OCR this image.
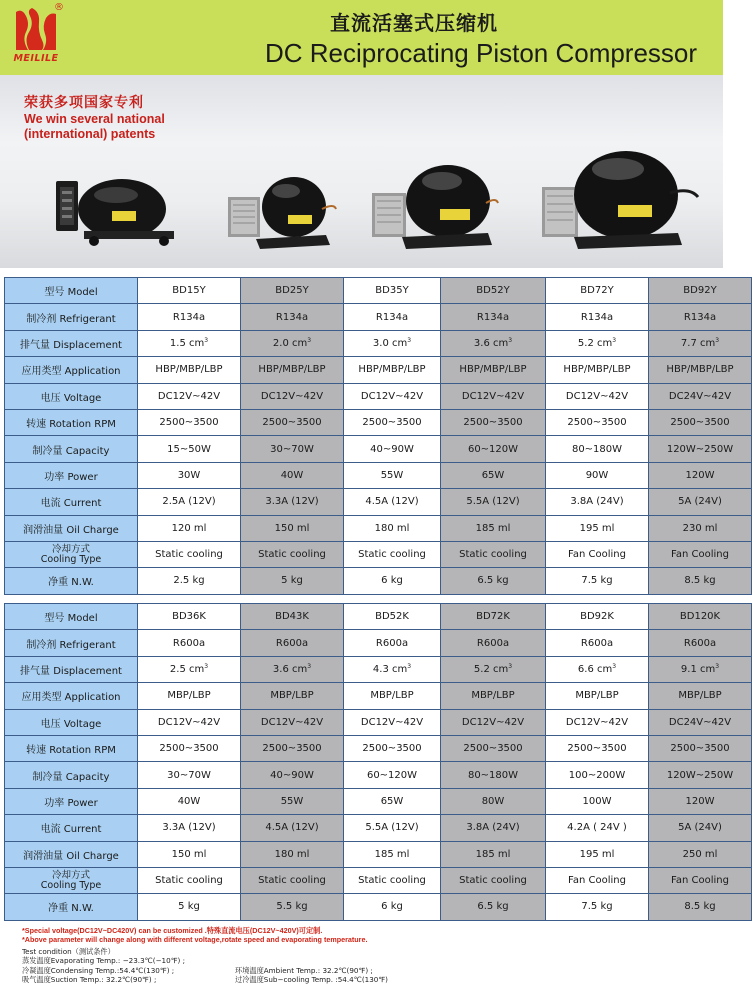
®
MEILILE
直流活塞式压缩机
DC Reciprocating Piston Compressor
荣获多项国家专利
We win several national
(international) patents
型号 Model	BD15Y	BD25Y	BD35Y	BD52Y	BD72Y	BD92Y
制冷剂 Refrigerant	R134a	R134a	R134a	R134a	R134a	R134a
排气量 Displacement	1.5 $cm^3$	2.0 $cm^3$	3.0 $cm^3$	3.6 $cm^3$	5.2 $cm^3$	7.7 $cm^3$
应用类型 Application	HBP/MBP/LBP	HBP/MBP/LBP	HBP/MBP/LBP	HBP/MBP/LBP	HBP/MBP/LBP	HBP/MBP/LBP
电压 Voltage	DC12V~42V	DC12V~42V	DC12V~42V	DC12V~42V	DC12V~42V	DC24V~42V
转速 Rotation RPM	2500~3500	2500~3500	2500~3500	2500~3500	2500~3500	2500~3500
制冷量 Capacity	15~50W	30~70W	40~90W	60~120W	80~180W	120W~250W
功率 Power	30W	40W	55W	65W	90W	120W
电流 Current	2.5A (12V)	3.3A (12V)	4.5A (12V)	5.5A (12V)	3.8A (24V)	5A (24V)
润滑油量 Oil Charge	120 ml	150 ml	180 ml	185 ml	195 ml	230 ml

冷却方式
Cooling Type	Static cooling	Static cooling	Static cooling	Static cooling	Fan Cooling	Fan Cooling
净重 N.W.	2.5 kg	5 kg	6 kg	6.5 kg	7.5 kg	8.5 kg
型号 Model	BD36K	BD43K	BD52K	BD72K	BD92K	BD120K
制冷剂 Refrigerant	R600a	R600a	R600a	R600a	R600a	R600a
排气量 Displacement	2.5 $cm^3$	3.6 $cm^3$	4.3 $cm^3$	5.2 $cm^3$	6.6 $cm^3$	9.1 $cm^3$
应用类型 Application	MBP/LBP	MBP/LBP	MBP/LBP	MBP/LBP	MBP/LBP	MBP/LBP
电压 Voltage	DC12V~42V	DC12V~42V	DC12V~42V	DC12V~42V	DC12V~42V	DC24V~42V
转速 Rotation RPM	2500~3500	2500~3500	2500~3500	2500~3500	2500~3500	2500~3500
制冷量 Capacity	30~70W	40~90W	60~120W	80~180W	100~200W	120W~250W
功率 Power	40W	55W	65W	80W	100W	120W
电流 Current	3.3A (12V)	4.5A (12V)	5.5A (12V)	3.8A (24V)	4.2A ( 24V )	5A (24V)
润滑油量 Oil Charge	150 ml	180 ml	185 ml	185 ml	195 ml	250 ml

冷却方式
Cooling Type	Static cooling	Static cooling	Static cooling	Static cooling	Fan Cooling	Fan Cooling
净重 N.W.	5 kg	5.5 kg	6 kg	6.5 kg	7.5 kg	8.5 kg
*Special voltage(DC12V~DC420V) can be customized .特殊直流电压(DC12V~420V)可定制.
*Above parameter will change along with different voltage,rotate speed and evaporating temperature.
Test condition（测试条件）
蒸发温度Evaporating Temp.: −23.3℃(−10℉) ;
冷凝温度Condensing Temp.:54.4℃(130℉) ;	环境温度Ambient Temp.: 32.2℃(90℉) ;
吸气温度Suction Temp.: 32.2℃(90℉) ;	过冷温度Sub−cooling Temp. :54.4℃(130℉)
